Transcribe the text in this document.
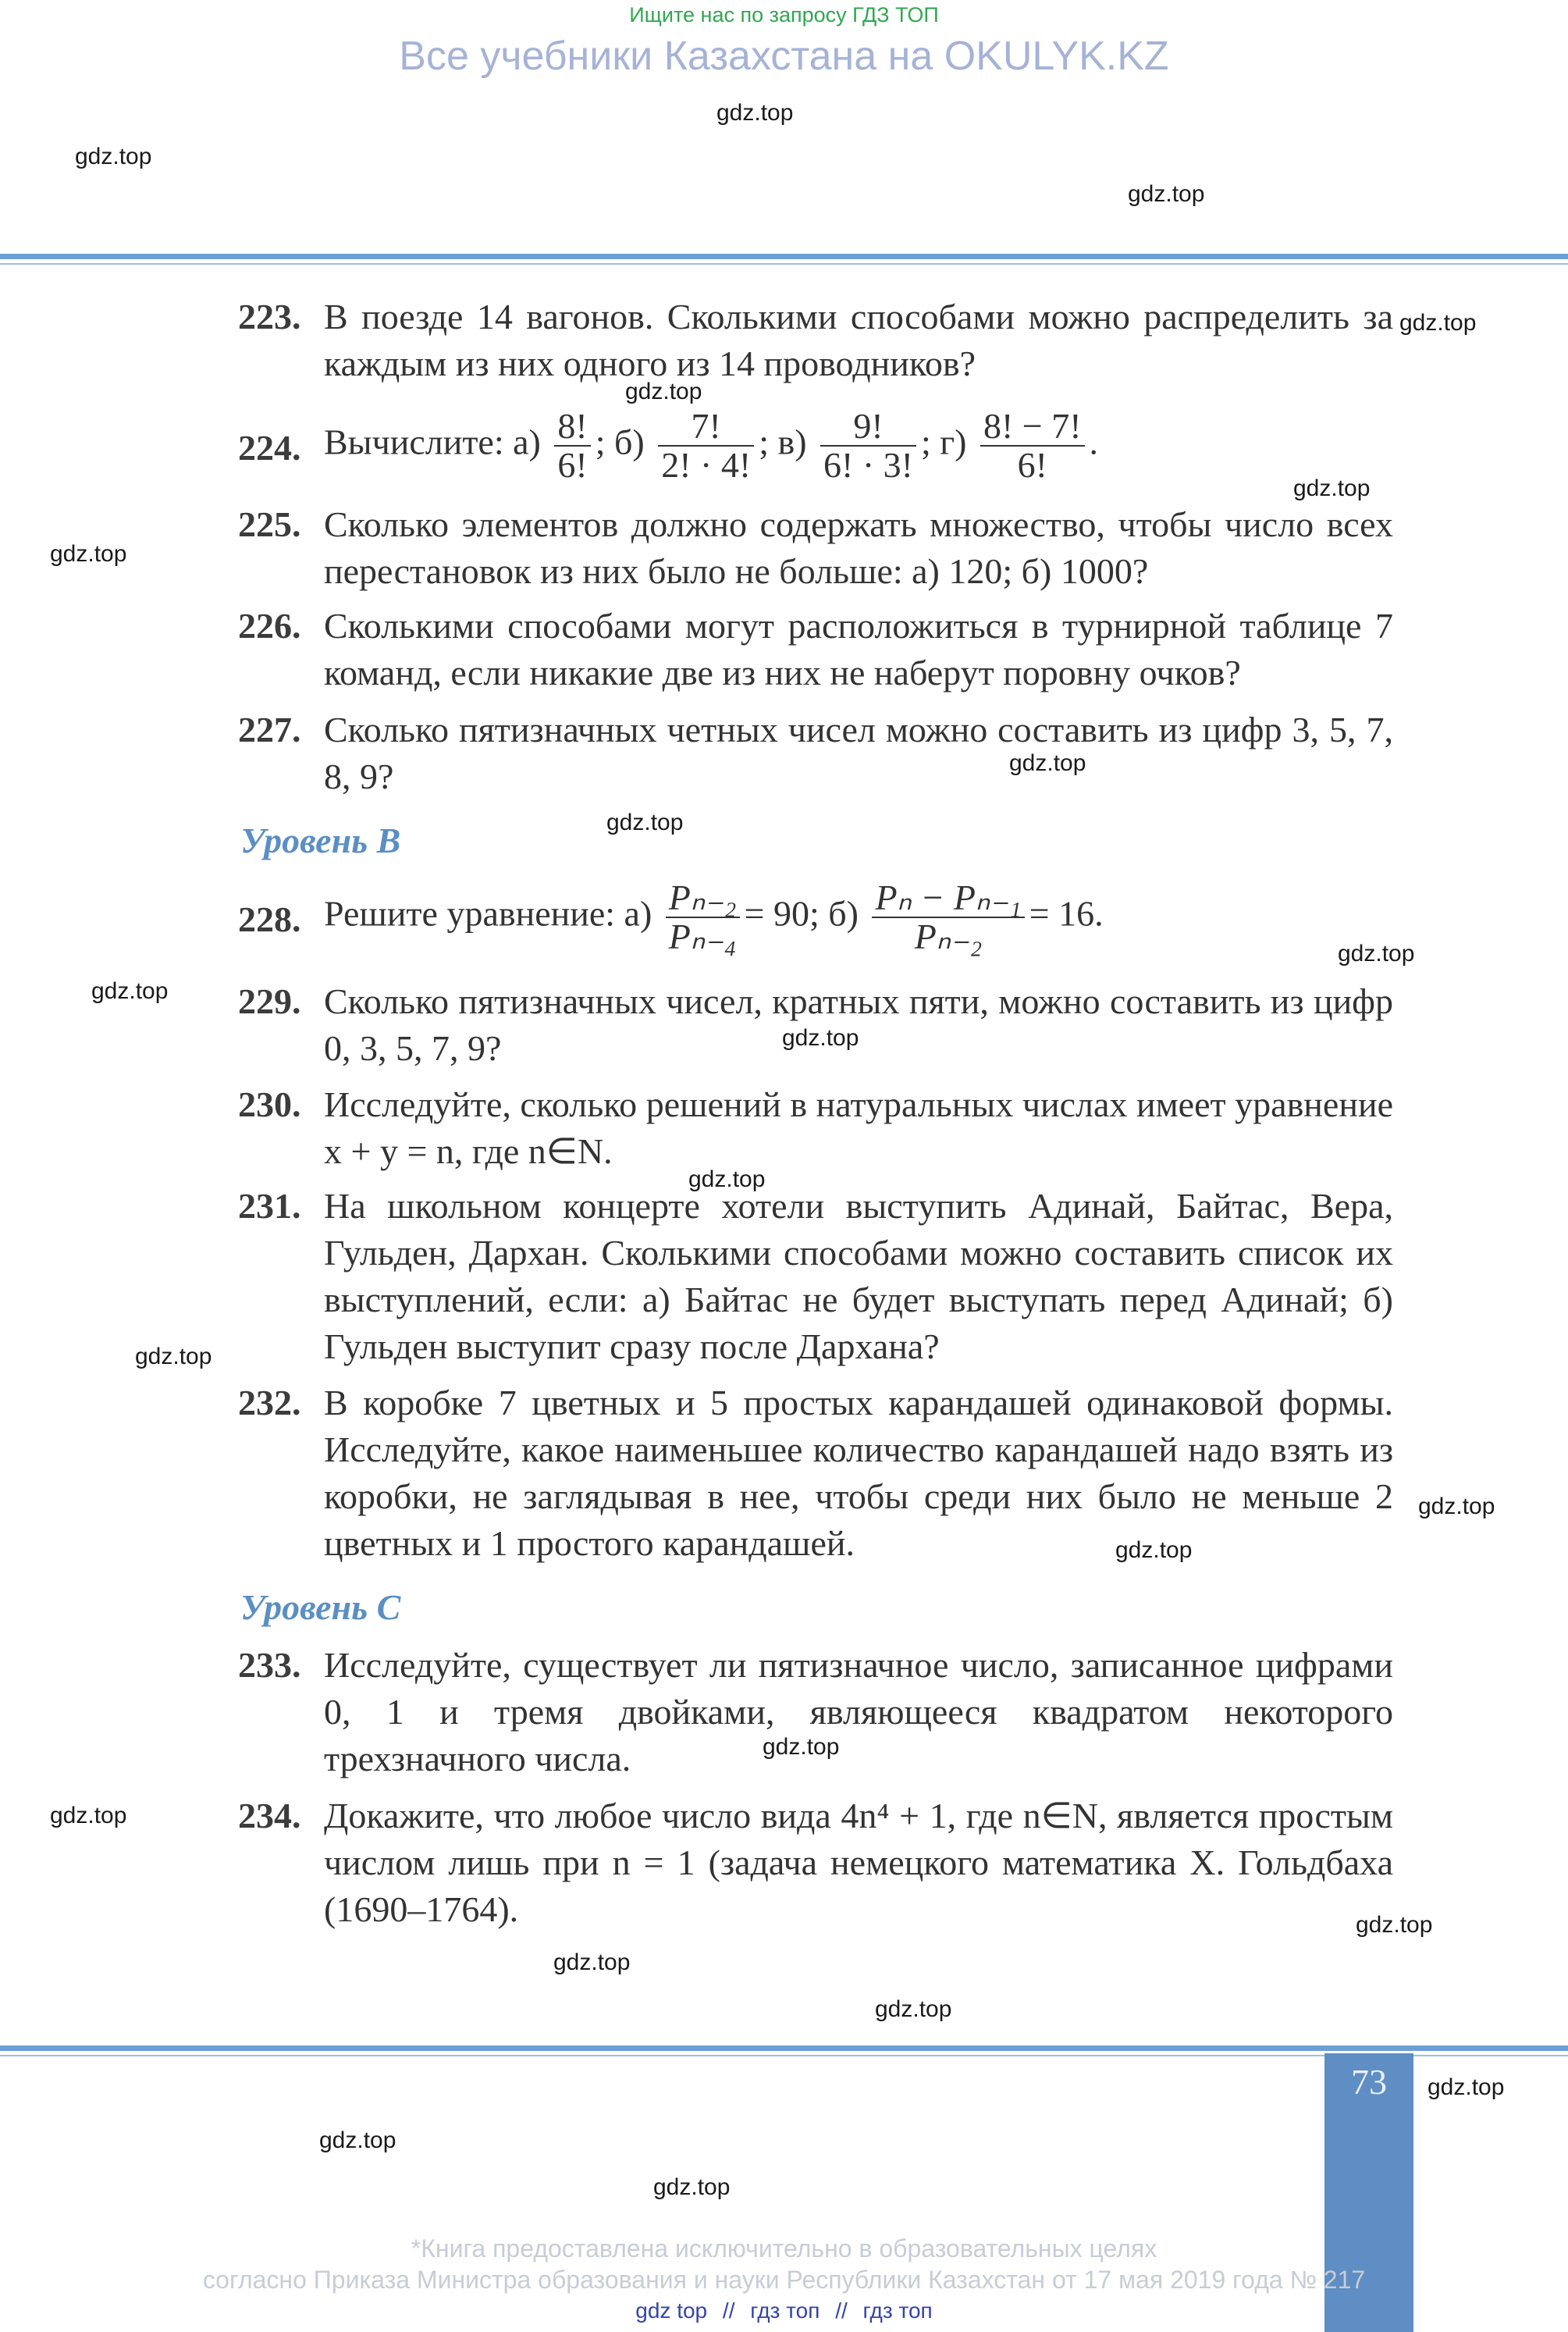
Ищите нас по запросу ГДЗ ТОП
Все учебники Казахстана на OKULYK.KZ
gdz.top
gdz.top
gdz.top
gdz.top
gdz.top
gdz.top
gdz.top
gdz.top
gdz.top
gdz.top
gdz.top
gdz.top
gdz.top
gdz.top
gdz.top
gdz.top
gdz.top
gdz.top
gdz.top
gdz.top
gdz.top
gdz.top
gdz.top
gdz.top
223. В поезде 14 вагонов. Сколькими способами можно распределить за каждым из них одного из 14 проводников?
224. Вычислите: $а) \frac{8!}{6!}$ ; $б) \frac{7!}{2! \cdot 4!}$ ; $в) \frac{9!}{6! \cdot 3!}$ ; $г) \frac{8! - 7!}{6!}$ .
225. Сколько элементов должно содержать множество, чтобы число всех перестановок из них было не больше: а) 120; б) 1000?
226. Сколькими способами могут расположиться в турнирной таблице 7 команд, если никакие две из них не наберут поровну очков?
227. Сколько пятизначных четных чисел можно составить из цифр 3, 5, 7, 8, 9?
Уровень В
228. Решите уравнение: $а) \frac{\text{Pₙ₋₂}}{\text{Pₙ₋₄}} = 90$; $б) \frac{\text{Pₙ − Pₙ₋₁}}{\text{Pₙ₋₂}} = 16$.
229. Сколько пятизначных чисел, кратных пяти, можно составить из цифр 0, 3, 5, 7, 9?
230. Исследуйте, сколько решений в натуральных числах имеет уравнение x + y = n, где n∈N.
231. На школьном концерте хотели выступить Адинай, Байтас, Вера, Гульден, Дархан. Сколькими способами можно составить список их выступлений, если: а) Байтас не будет выступать перед Адинай; б) Гульден выступит сразу после Дархана?
232. В коробке 7 цветных и 5 простых карандашей одинаковой формы. Исследуйте, какое наименьшее количество карандашей надо взять из коробки, не заглядывая в нее, чтобы среди них было не меньше 2 цветных и 1 простого карандашей.
Уровень С
233. Исследуйте, существует ли пятизначное число, записанное цифрами 0, 1 и тремя двойками, являющееся квадратом некоторого трехзначного числа.
234. Докажите, что любое число вида 4n⁴ + 1, где n∈N, является простым числом лишь при n = 1 (задача немецкого математика Х. Гольдбаха (1690–1764).
73
*Книга предоставлена исключительно в образовательных целях
согласно Приказа Министра образования и науки Республики Казахстан от 17 мая 2019 года № 217
gdz top // гдз топ // гдз топ
